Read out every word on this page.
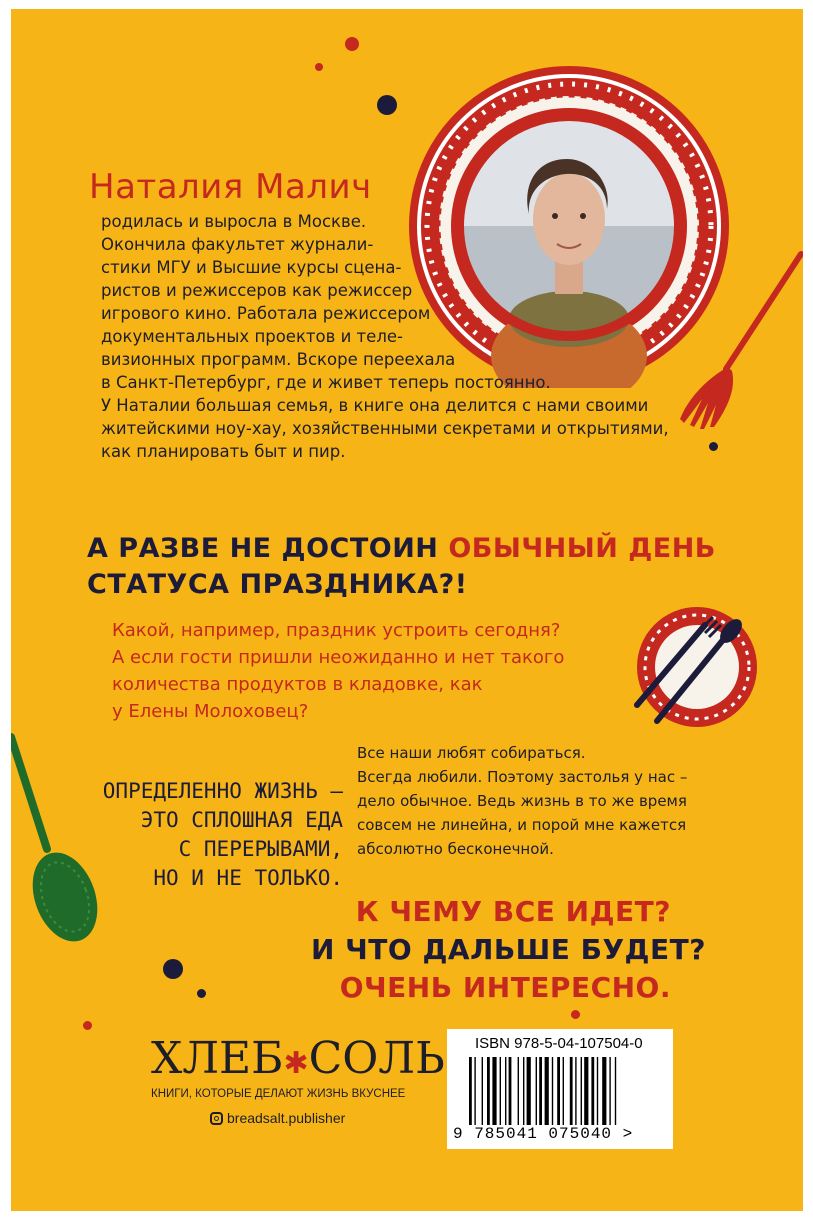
Наталия Малич
родилась и выросла в Москве.
Окончила факультет журнали-
стики МГУ и Высшие курсы сцена-
ристов и режиссеров как режиссер
игрового кино. Работала режиссером
документальных проектов и теле-
визионных программ. Вскоре переехала
в Санкт-Петербург, где и живет теперь постоянно.
У Наталии большая семья, в книге она делится с нами своими
житейскими ноу-хау, хозяйственными секретами и открытиями,
как планировать быт и пир.
А РАЗВЕ НЕ ДОСТОИН ОБЫЧНЫЙ ДЕНЬ
СТАТУСА ПРАЗДНИКА?!
Какой, например, праздник устроить сегодня?
А если гости пришли неожиданно и нет такого
количества продуктов в кладовке, как
у Елены Молоховец?
ОПРЕДЕЛЕННО ЖИЗНЬ –
ЭТО СПЛОШНАЯ ЕДА
С ПЕРЕРЫВАМИ,
НО И НЕ ТОЛЬКО.
Все наши любят собираться.
Всегда любили. Поэтому застолья у нас –
дело обычное. Ведь жизнь в то же время
совсем не линейна, и порой мне кажется
абсолютно бесконечной.
К ЧЕМУ ВСЕ ИДЕТ?
И ЧТО ДАЛЬШЕ БУДЕТ?
ОЧЕНЬ ИНТЕРЕСНО.
ХЛЕБ✱СОЛЬ
КНИГИ, КОТОРЫЕ ДЕЛАЮТ ЖИЗНЬ ВКУСНЕЕ
breadsalt.publisher
ISBN 978-5-04-107504-0
9 785041 075040 >
